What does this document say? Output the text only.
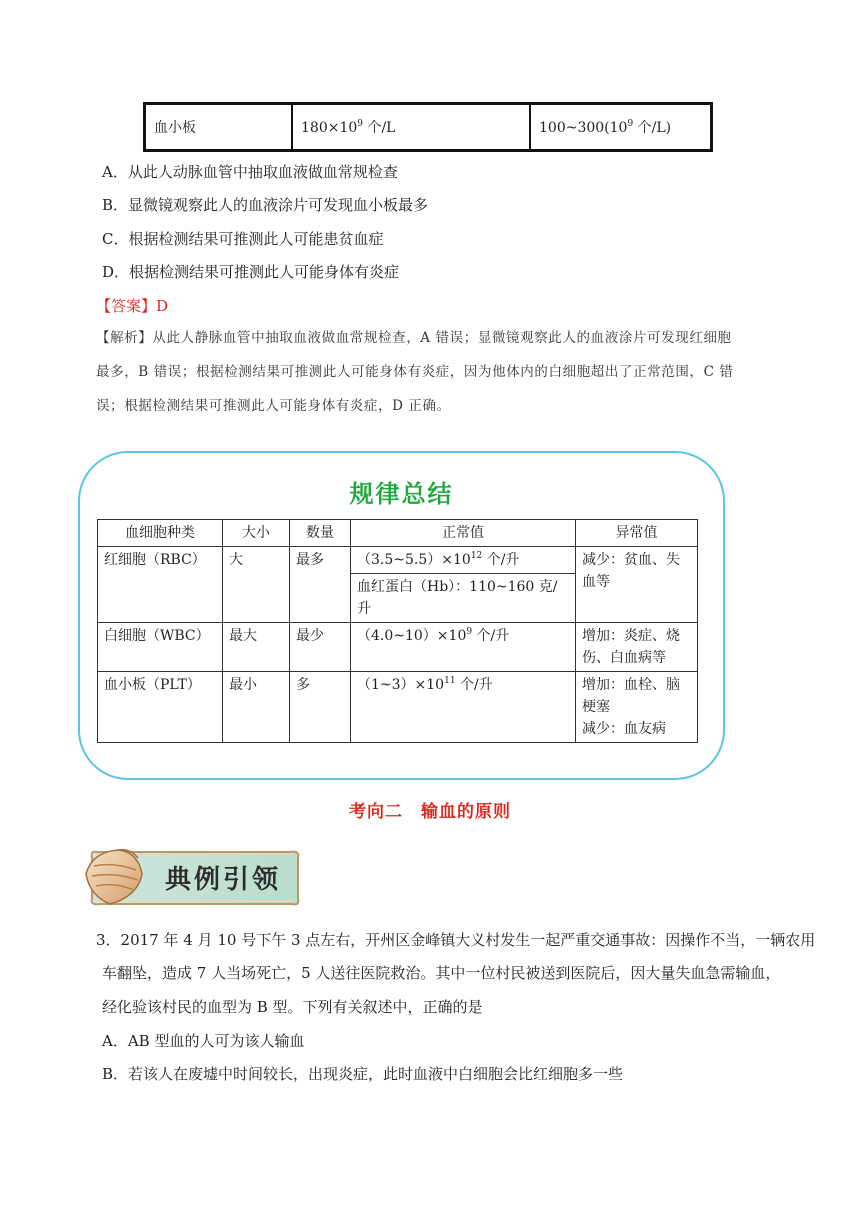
血小板	$180\times 10^9$ 个/L	$100\sim 300(10^9$ 个/L)
A．从此人动脉血管中抽取血液做血常规检查
B．显微镜观察此人的血液涂片可发现血小板最多
C．根据检测结果可推测此人可能患贫血症
D．根据检测结果可推测此人可能身体有炎症
【答案】D
【解析】从此人静脉血管中抽取血液做血常规检查，A 错误；显微镜观察此人的血液涂片可发现红细胞
最多，B 错误；根据检测结果可推测此人可能身体有炎症，因为他体内的白细胞超出了正常范围，C 错
误；根据检测结果可推测此人可能身体有炎症，D 正确。
规律总结
血细胞种类	大小	数量	正常值	异常值
红细胞（RBC）	大	最多	$(3.5\sim 5.5)\times 10^{12}$ 个/升	减少：贫血、失
血等

			血红蛋白（Hb）：110~160 克/升	
白细胞（WBC）	最大	最少	$(4.0\sim 10)\times 10^9$ 个/升	增加：炎症、烧
伤、白血病等

血小板（PLT）	最小	多	$(1\sim 3)\times 10^{11}$ 个/升	增加：血栓、脑
梗塞
减少：血友病
考向二　输血的原则
典例引领
3．2017 年 4 月 10 号下午 3 点左右，开州区金峰镇大义村发生一起严重交通事故：因操作不当，一辆农用
车翻坠，造成 7 人当场死亡，5 人送往医院救治。其中一位村民被送到医院后，因大量失血急需输血，
经化验该村民的血型为 B 型。下列有关叙述中，正确的是
A．AB 型血的人可为该人输血
B．若该人在废墟中时间较长，出现炎症，此时血液中白细胞会比红细胞多一些
